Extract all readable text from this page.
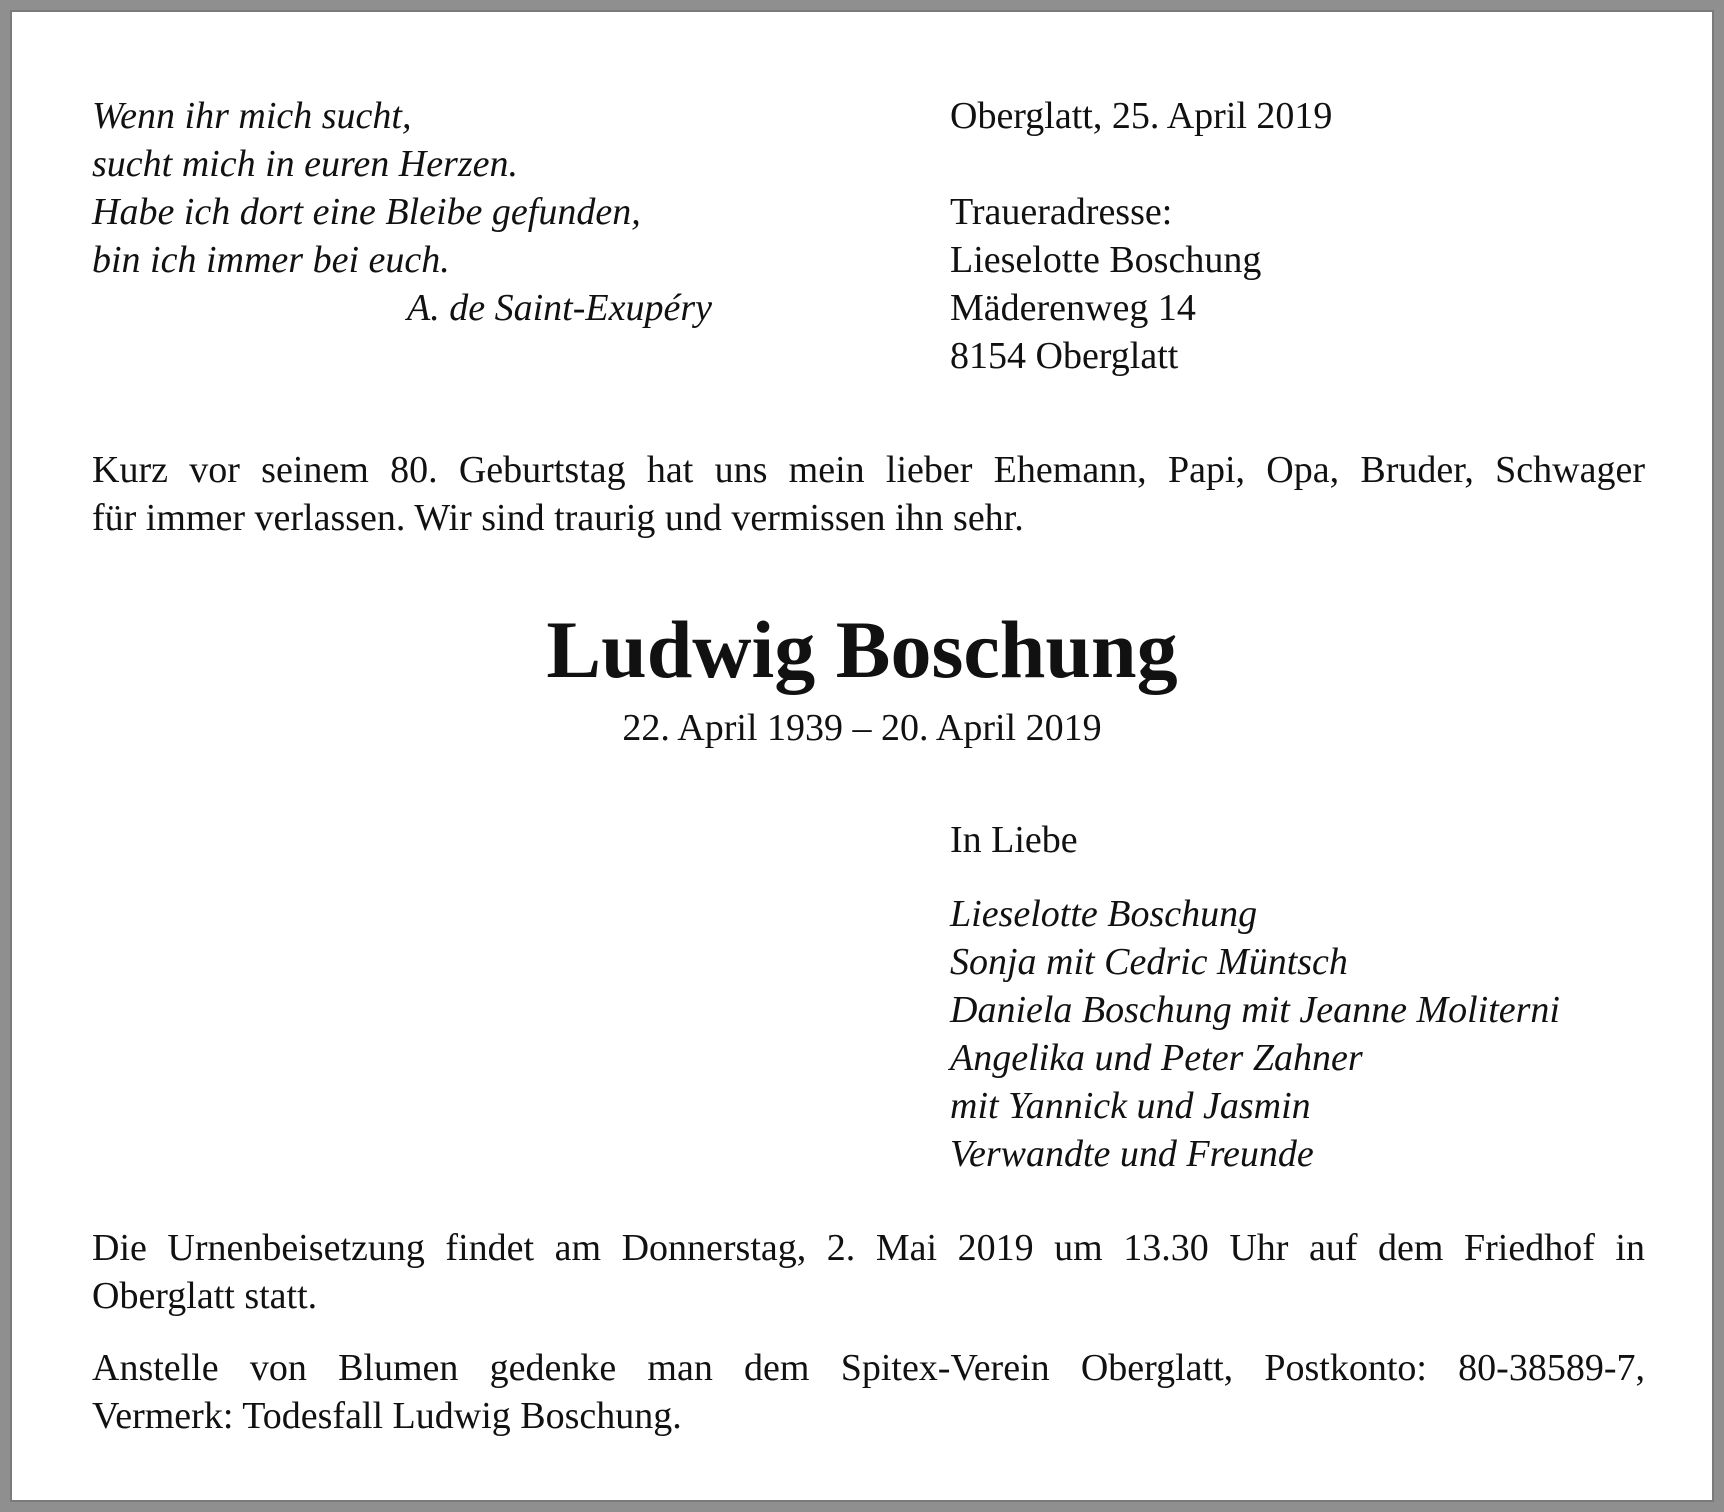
Wenn ihr mich sucht,
sucht mich in euren Herzen.
Habe ich dort eine Bleibe gefunden,
bin ich immer bei euch.
A. de Saint-Exupéry
Oberglatt, 25. April 2019
Traueradresse:
Lieselotte Boschung
Mäderenweg 14
8154 Oberglatt
Kurz vor seinem 80. Geburtstag hat uns mein lieber Ehemann, Papi, Opa, Bruder, Schwager
für immer verlassen. Wir sind traurig und vermissen ihn sehr.
Ludwig Boschung
22. April 1939 – 20. April 2019
In Liebe
Lieselotte Boschung
Sonja mit Cedric Müntsch
Daniela Boschung mit Jeanne Moliterni
Angelika und Peter Zahner
mit Yannick und Jasmin
Verwandte und Freunde
Die Urnenbeisetzung findet am Donnerstag, 2. Mai 2019 um 13.30 Uhr auf dem Friedhof in
Oberglatt statt.
Anstelle von Blumen gedenke man dem Spitex-Verein Oberglatt, Postkonto: 80-38589-7,
Vermerk: Todesfall Ludwig Boschung.
